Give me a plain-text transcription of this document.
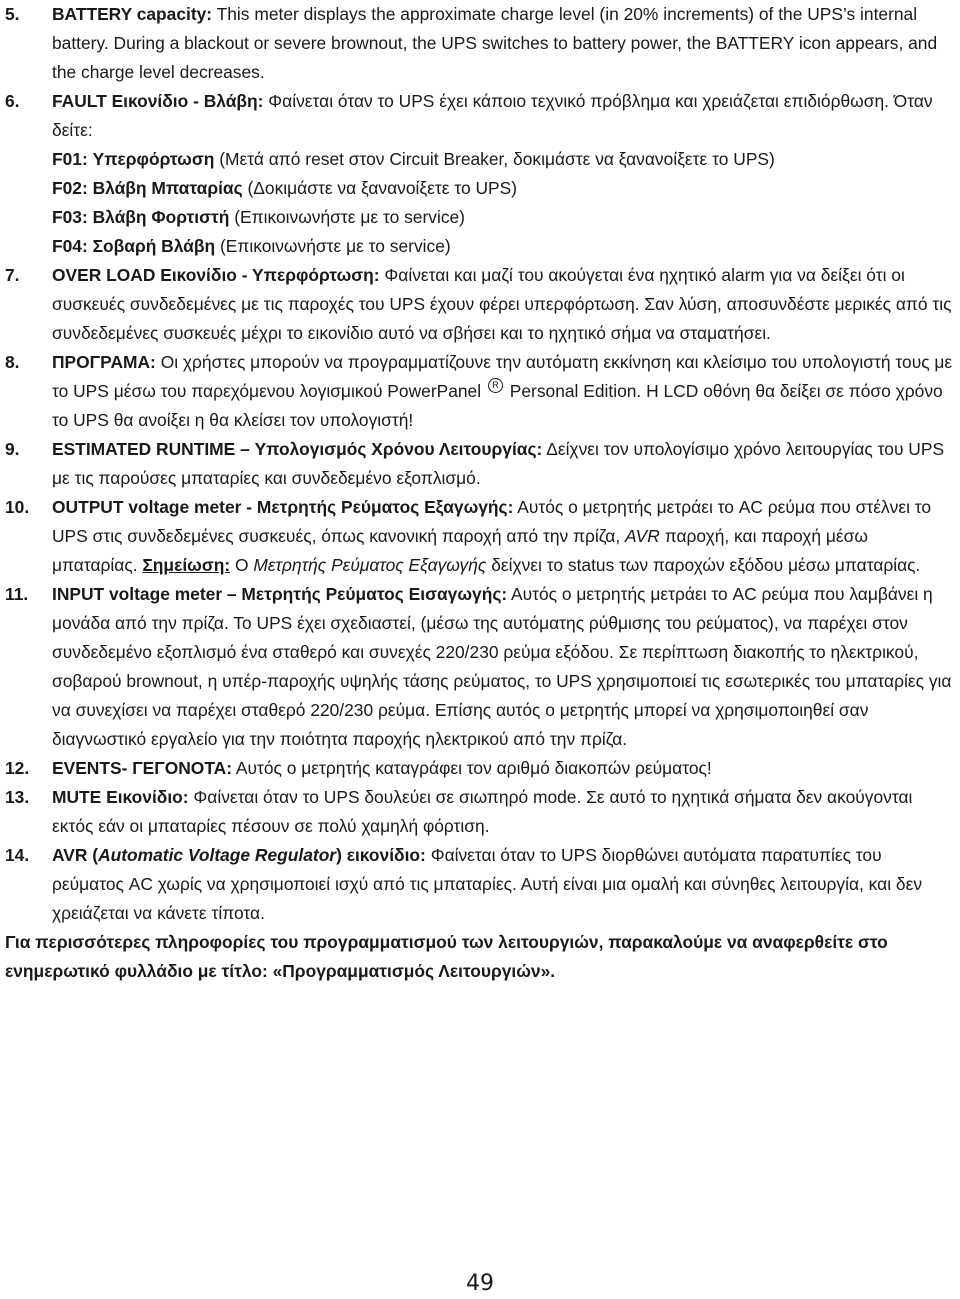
5. BATTERY capacity: This meter displays the approximate charge level (in 20% increments) of the UPS’s internal battery. During a blackout or severe brownout, the UPS switches to battery power, the BATTERY icon appears, and the charge level decreases.
6. FAULT Εικονίδιο - Βλάβη: Φαίνεται όταν το UPS έχει κάποιο τεχνικό πρόβλημα και χρειάζεται επιδιόρθωση. Όταν δείτε:
F01: Υπερφόρτωση (Μετά από reset στον Circuit Breaker, δοκιμάστε να ξανανοίξετε το UPS)
F02: Βλάβη Μπαταρίας (Δοκιμάστε να ξανανοίξετε το UPS)
F03: Βλάβη Φορτιστή (Επικοινωνήστε με το service)
F04: Σοβαρή Βλάβη (Επικοινωνήστε με το service)
7. OVER LOAD Εικονίδιο - Υπερφόρτωση: Φαίνεται και μαζί του ακούγεται ένα ηχητικό alarm για να δείξει ότι οι συσκευές συνδεδεμένες με τις παροχές του UPS έχουν φέρει υπερφόρτωση. Σαν λύση, αποσυνδέστε μερικές από τις συνδεδεμένες συσκευές μέχρι το εικονίδιο αυτό να σβήσει και το ηχητικό σήμα να σταματήσει.
8. ΠΡΟΓΡΑΜΑ: Οι χρήστες μπορούν να προγραμματίζουνε την αυτόματη εκκίνηση και κλείσιμο του υπολογιστή τους με το UPS μέσω του παρεχόμενου λογισμικού PowerPanel R Personal Edition. Η LCD οθόνη θα δείξει σε πόσο χρόνο το UPS θα ανοίξει η θα κλείσει τον υπολογιστή!
9. ESTIMATED RUNTIME – Υπολογισμός Χρόνου Λειτουργίας: Δείχνει τον υπολογίσιμο χρόνο λειτουργίας του UPS με τις παρούσες μπαταρίες και συνδεδεμένο εξοπλισμό.
10. OUTPUT voltage meter - Μετρητής Ρεύματος Εξαγωγής: Αυτός ο μετρητής μετράει το AC ρεύμα που στέλνει το UPS στις συνδεδεμένες συσκευές, όπως κανονική παροχή από την πρίζα, AVR παροχή, και παροχή μέσω μπαταρίας. Σημείωση: Ο Μετρητής Ρεύματος Εξαγωγής δείχνει το status των παροχών εξόδου μέσω μπαταρίας.
11. INPUT voltage meter – Μετρητής Ρεύματος Εισαγωγής: Αυτός ο μετρητής μετράει το AC ρεύμα που λαμβάνει η μονάδα από την πρίζα. Το UPS έχει σχεδιαστεί, (μέσω της αυτόματης ρύθμισης του ρεύματος), να παρέχει στον συνδεδεμένο εξοπλισμό ένα σταθερό και συνεχές 220/230 ρεύμα εξόδου. Σε περίπτωση διακοπής το ηλεκτρικού, σοβαρού brownout, η υπέρ-παροχής υψηλής τάσης ρεύματος, το UPS χρησιμοποιεί τις εσωτερικές του μπαταρίες για να συνεχίσει να παρέχει σταθερό 220/230 ρεύμα. Επίσης αυτός ο μετρητής μπορεί να χρησιμοποιηθεί σαν διαγνωστικό εργαλείο για την ποιότητα παροχής ηλεκτρικού από την πρίζα.
12. EVENTS- ΓΕΓΟΝΟΤΑ: Αυτός ο μετρητής καταγράφει τον αριθμό διακοπών ρεύματος!
13. MUTE Εικονίδιο: Φαίνεται όταν το UPS δουλεύει σε σιωπηρό mode. Σε αυτό το ηχητικά σήματα δεν ακούγονται εκτός εάν οι μπαταρίες πέσουν σε πολύ χαμηλή φόρτιση.
14. AVR (Automatic Voltage Regulator) εικονίδιο: Φαίνεται όταν το UPS διορθώνει αυτόματα παρατυπίες του ρεύματος AC χωρίς να χρησιμοποιεί ισχύ από τις μπαταρίες. Αυτή είναι μια ομαλή και σύνηθες λειτουργία, και δεν χρειάζεται να κάνετε τίποτα.
Για περισσότερες πληροφορίες του προγραμματισμού των λειτουργιών, παρακαλούμε να αναφερθείτε στο ενημερωτικό φυλλάδιο με τίτλο: «Προγραμματισμός Λειτουργιών».
49
